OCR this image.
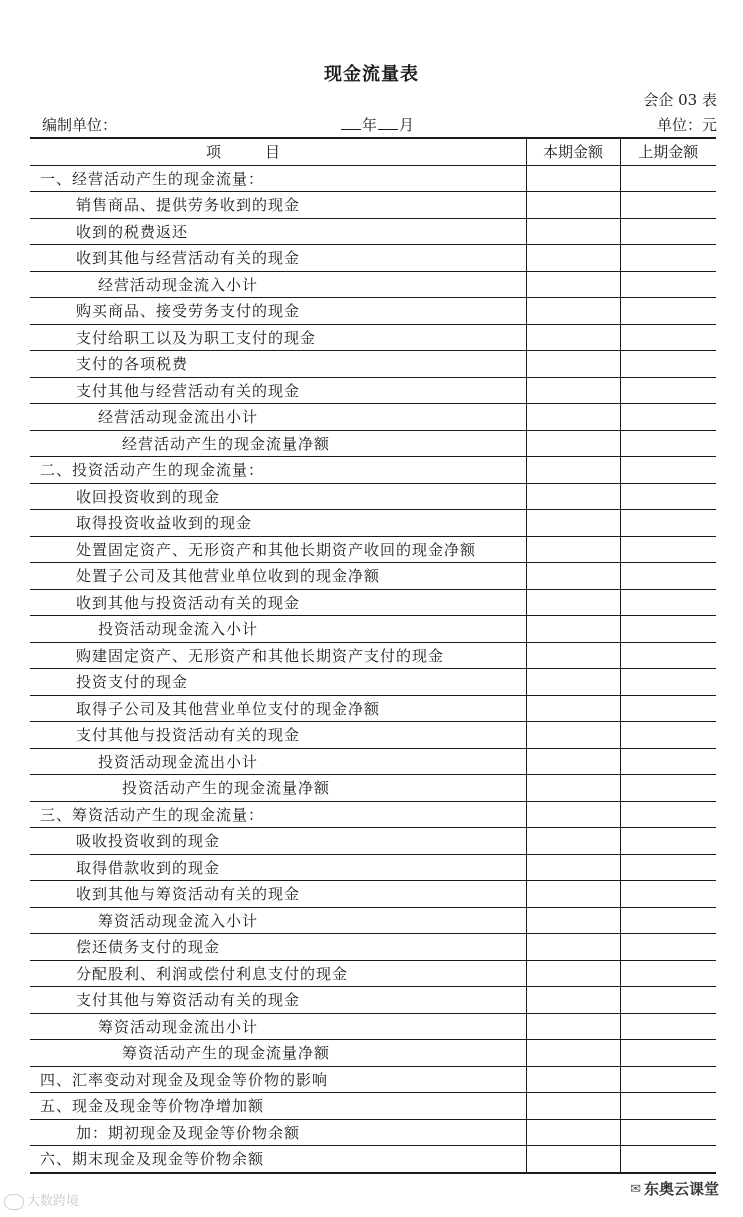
现金流量表
会企 03 表
编制单位：	年 月	单位：元
项 目	本期金额	上期金额
一、经营活动产生的现金流量：		
销售商品、提供劳务收到的现金		
收到的税费返还		
收到其他与经营活动有关的现金		
经营活动现金流入小计		
购买商品、接受劳务支付的现金		
支付给职工以及为职工支付的现金		
支付的各项税费		
支付其他与经营活动有关的现金		
经营活动现金流出小计		
经营活动产生的现金流量净额		
二、投资活动产生的现金流量：		
收回投资收到的现金		
取得投资收益收到的现金		
处置固定资产、无形资产和其他长期资产收回的现金净额		
处置子公司及其他营业单位收到的现金净额		
收到其他与投资活动有关的现金		
投资活动现金流入小计		
购建固定资产、无形资产和其他长期资产支付的现金		
投资支付的现金		
取得子公司及其他营业单位支付的现金净额		
支付其他与投资活动有关的现金		
投资活动现金流出小计		
投资活动产生的现金流量净额		
三、筹资活动产生的现金流量：		
吸收投资收到的现金		
取得借款收到的现金		
收到其他与筹资活动有关的现金		
筹资活动现金流入小计		
偿还债务支付的现金		
分配股利、利润或偿付利息支付的现金		
支付其他与筹资活动有关的现金		
筹资活动现金流出小计		
筹资活动产生的现金流量净额		
四、汇率变动对现金及现金等价物的影响		
五、现金及现金等价物净增加额		
加：期初现金及现金等价物余额		
六、期末现金及现金等价物余额		
大数跨境
✉ 东奥云课堂
